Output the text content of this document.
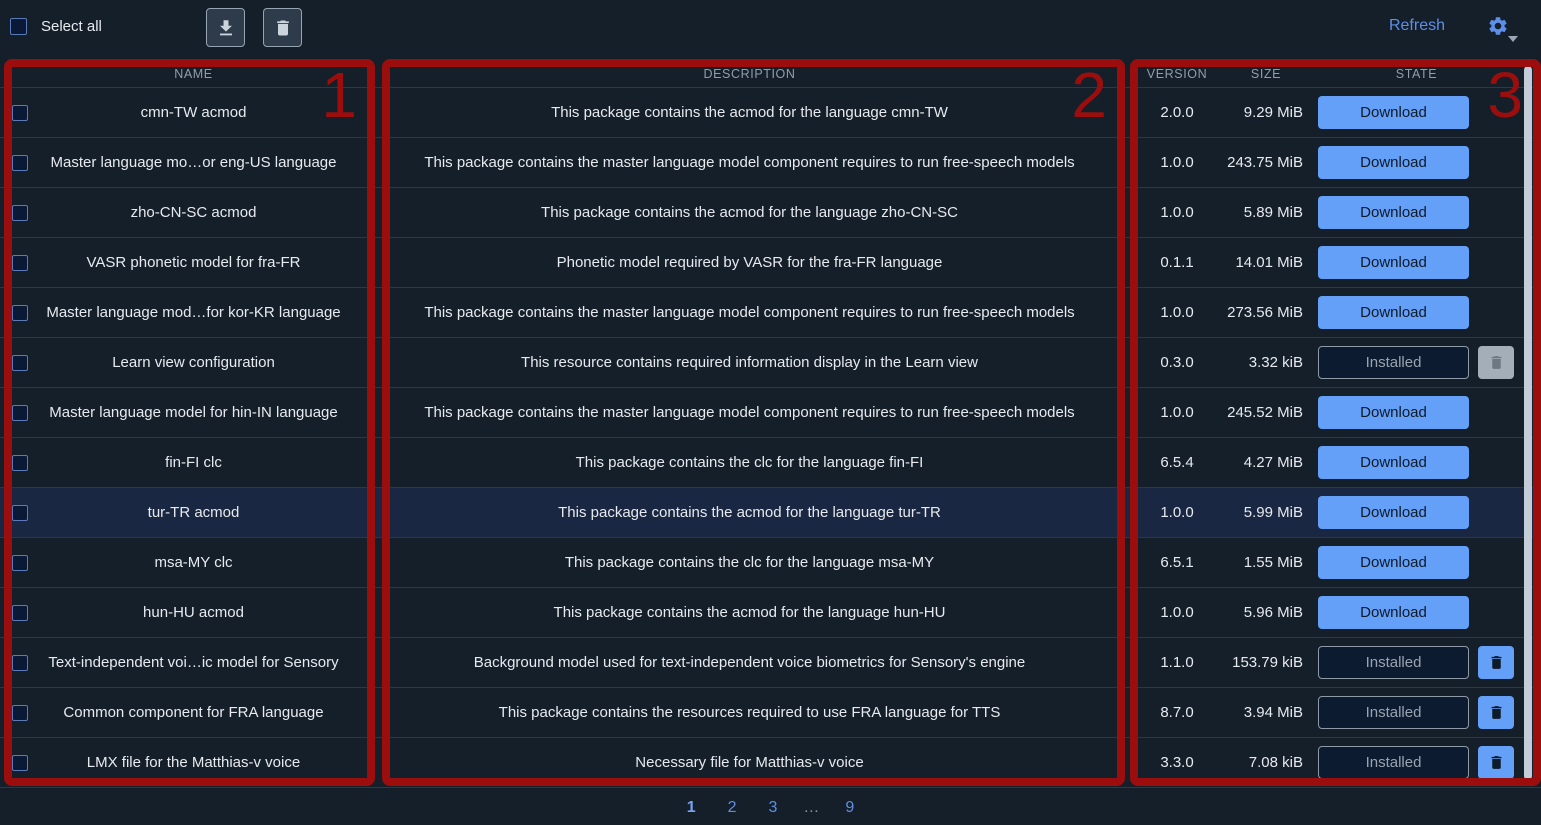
Select all	Refresh
NAME	DESCRIPTION	VERSION	SIZE	STATE
cmn-TW acmod	This package contains the acmod for the language cmn-TW	2.0.0	9.29 MiB	Download
Master language mo…or eng-US language	This package contains the master language model component requires to run free-speech models	1.0.0	243.75 MiB	Download
zho-CN-SC acmod	This package contains the acmod for the language zho-CN-SC	1.0.0	5.89 MiB	Download
VASR phonetic model for fra-FR	Phonetic model required by VASR for the fra-FR language	0.1.1	14.01 MiB	Download
Master language mod…for kor-KR language	This package contains the master language model component requires to run free-speech models	1.0.0	273.56 MiB	Download
Learn view configuration	This resource contains required information display in the Learn view	0.3.0	3.32 kiB	Installed
Master language model for hin-IN language	This package contains the master language model component requires to run free-speech models	1.0.0	245.52 MiB	Download
fin-FI clc	This package contains the clc for the language fin-FI	6.5.4	4.27 MiB	Download
tur-TR acmod	This package contains the acmod for the language tur-TR	1.0.0	5.99 MiB	Download
msa-MY clc	This package contains the clc for the language msa-MY	6.5.1	1.55 MiB	Download
hun-HU acmod	This package contains the acmod for the language hun-HU	1.0.0	5.96 MiB	Download
Text-independent voi…ic model for Sensory	Background model used for text-independent voice biometrics for Sensory's engine	1.1.0	153.79 kiB	Installed
Common component for FRA language	This package contains the resources required to use FRA language for TTS	8.7.0	3.94 MiB	Installed
LMX file for the Matthias-v voice	Necessary file for Matthias-v voice	3.3.0	7.08 kiB	Installed
1	2	3	…	9
1	2	3
